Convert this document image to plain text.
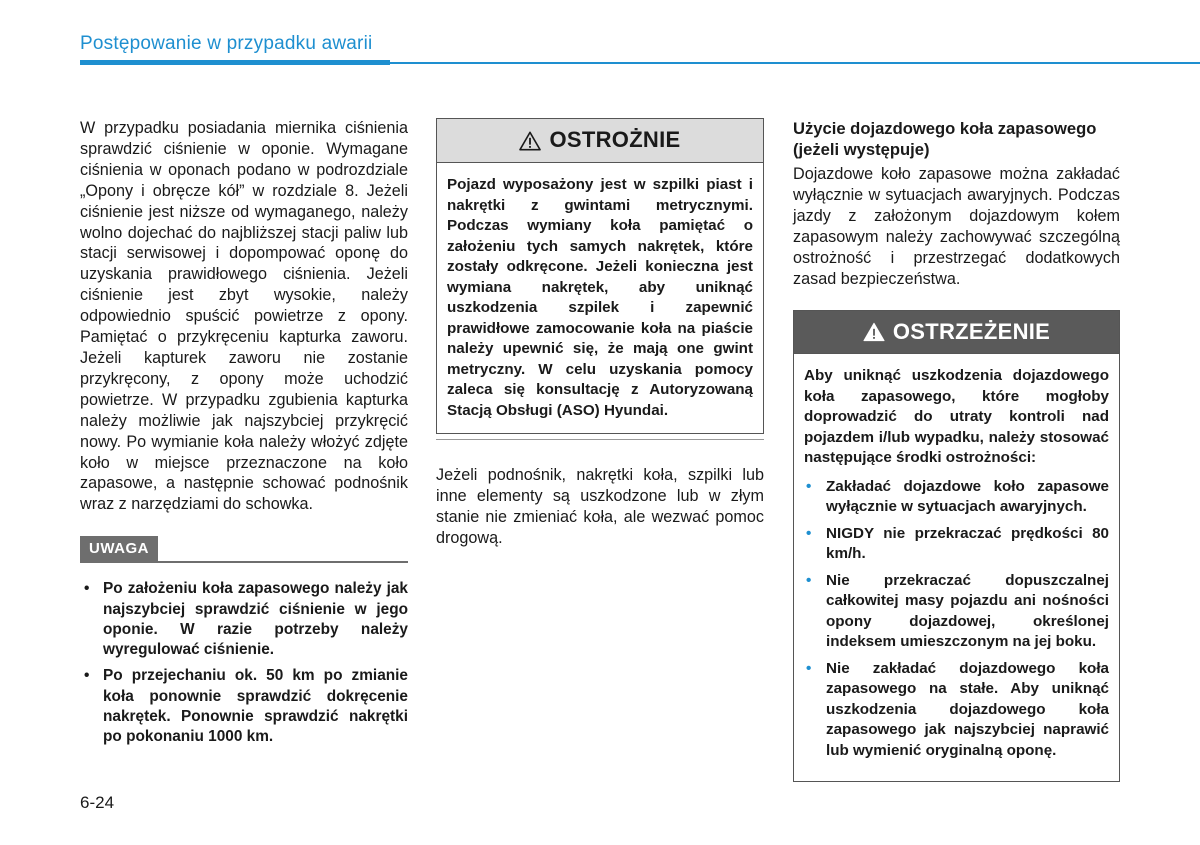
Postępowanie w przypadku awarii

W przypadku posiadania miernika ciśnienia sprawdzić ciśnienie w oponie. Wymagane ciśnienia w oponach podano w podrozdziale „Opony i obręcze kół” w rozdziale 8. Jeżeli ciśnienie jest niższe od wymaganego, należy wolno dojechać do najbliższej stacji paliw lub stacji serwisowej i dopompować oponę do uzyskania prawidłowego ciśnienia. Jeżeli ciśnienie jest zbyt wysokie, należy odpowiednio spuścić powietrze z opony. Pamiętać o przykręceniu kapturka zaworu. Jeżeli kapturek zaworu nie zostanie przykręcony, z opony może uchodzić powietrze. W przypadku zgubienia kapturka należy możliwie jak najszybciej przykręcić nowy. Po wymianie koła należy włożyć zdjęte koło w miejsce przeznaczone na koło zapasowe, a następnie schować podnośnik wraz z narzędziami do schowka.

UWAGA
• Po założeniu koła zapasowego należy jak najszybciej sprawdzić ciśnienie w jego oponie. W razie potrzeby należy wyregulować ciśnienie.
• Po przejechaniu ok. 50 km po zmianie koła ponownie sprawdzić dokręcenie nakrętek. Ponownie sprawdzić nakrętki po pokonaniu 1000 km.
OSTROŻNIE
Pojazd wyposażony jest w szpilki piast i nakrętki z gwintami metrycznymi. Podczas wymiany koła pamiętać o założeniu tych samych nakrętek, które zostały odkręcone. Jeżeli konieczna jest wymiana nakrętek, aby uniknąć uszkodzenia szpilek i zapewnić prawidłowe zamocowanie koła na piaście należy upewnić się, że mają one gwint metryczny. W celu uzyskania pomocy zaleca się konsultację z Autoryzowaną Stacją Obsługi (ASO) Hyundai.

Jeżeli podnośnik, nakrętki koła, szpilki lub inne elementy są uszkodzone lub w złym stanie nie zmieniać koła, ale wezwać pomoc drogową.

Użycie dojazdowego koła zapasowego (jeżeli występuje)

Dojazdowe koło zapasowe można zakładać wyłącznie w sytuacjach awaryjnych. Podczas jazdy z założonym dojazdowym kołem zapasowym należy zachowywać szczególną ostrożność i przestrzegać dodatkowych zasad bezpieczeństwa.

OSTRZEŻENIE
Aby uniknąć uszkodzenia dojazdowego koła zapasowego, które mogłoby doprowadzić do utraty kontroli nad pojazdem i/lub wypadku, należy stosować następujące środki ostrożności:
• Zakładać dojazdowe koło zapasowe wyłącznie w sytuacjach awaryjnych.
• NIGDY nie przekraczać prędkości 80 km/h.
• Nie przekraczać dopuszczalnej całkowitej masy pojazdu ani nośności opony dojazdowej, określonej indeksem umieszczonym na jej boku.
• Nie zakładać dojazdowego koła zapasowego na stałe. Aby uniknąć uszkodzenia dojazdowego koła zapasowego jak najszybciej naprawić lub wymienić oryginalną oponę.
6-24
